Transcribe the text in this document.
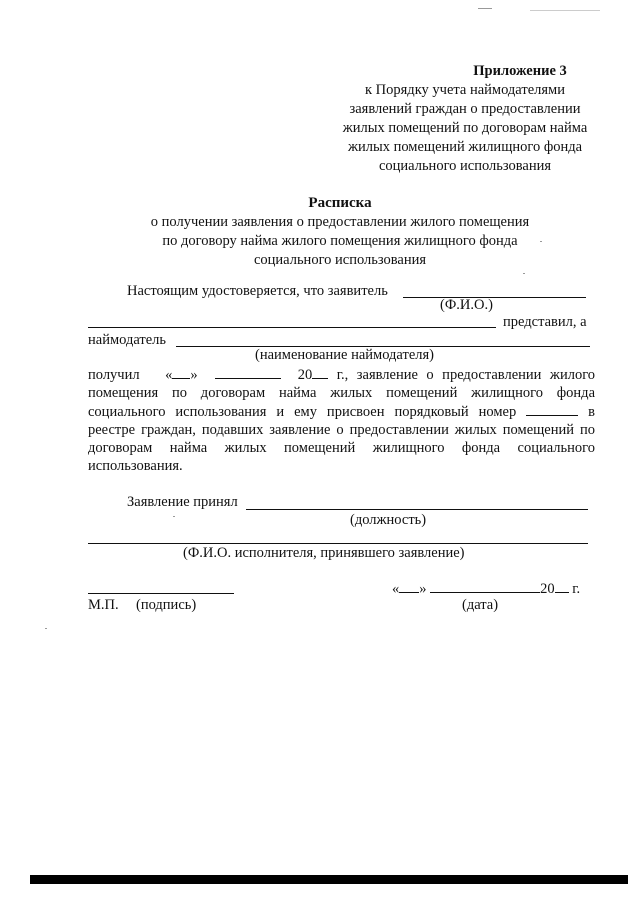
Приложение 3
к Порядку учета наймодателями
заявлений граждан о предоставлении
жилых помещений по договорам найма
жилых помещений жилищного фонда
социального использования
Расписка
о получении заявления о предоставлении жилого помещения
по договору найма жилого помещения жилищного фонда
социального использования
Настоящим удостоверяется, что заявитель
(Ф.И.О.)
представил, а
наймодатель
(наименование наймодателя)
получил « »	20 г., заявление о предоставлении жилого помещения по договорам найма жилых помещений жилищного фонда социального использования и ему присвоен порядковый номер	в реестре граждан, подавших заявление о предоставлении жилых помещений по договорам найма жилых помещений жилищного фонда социального использования.
Заявление принял
(должность)
(Ф.И.О. исполнителя, принявшего заявление)
М.П. (подпись)
« »	20 г.
(дата)
